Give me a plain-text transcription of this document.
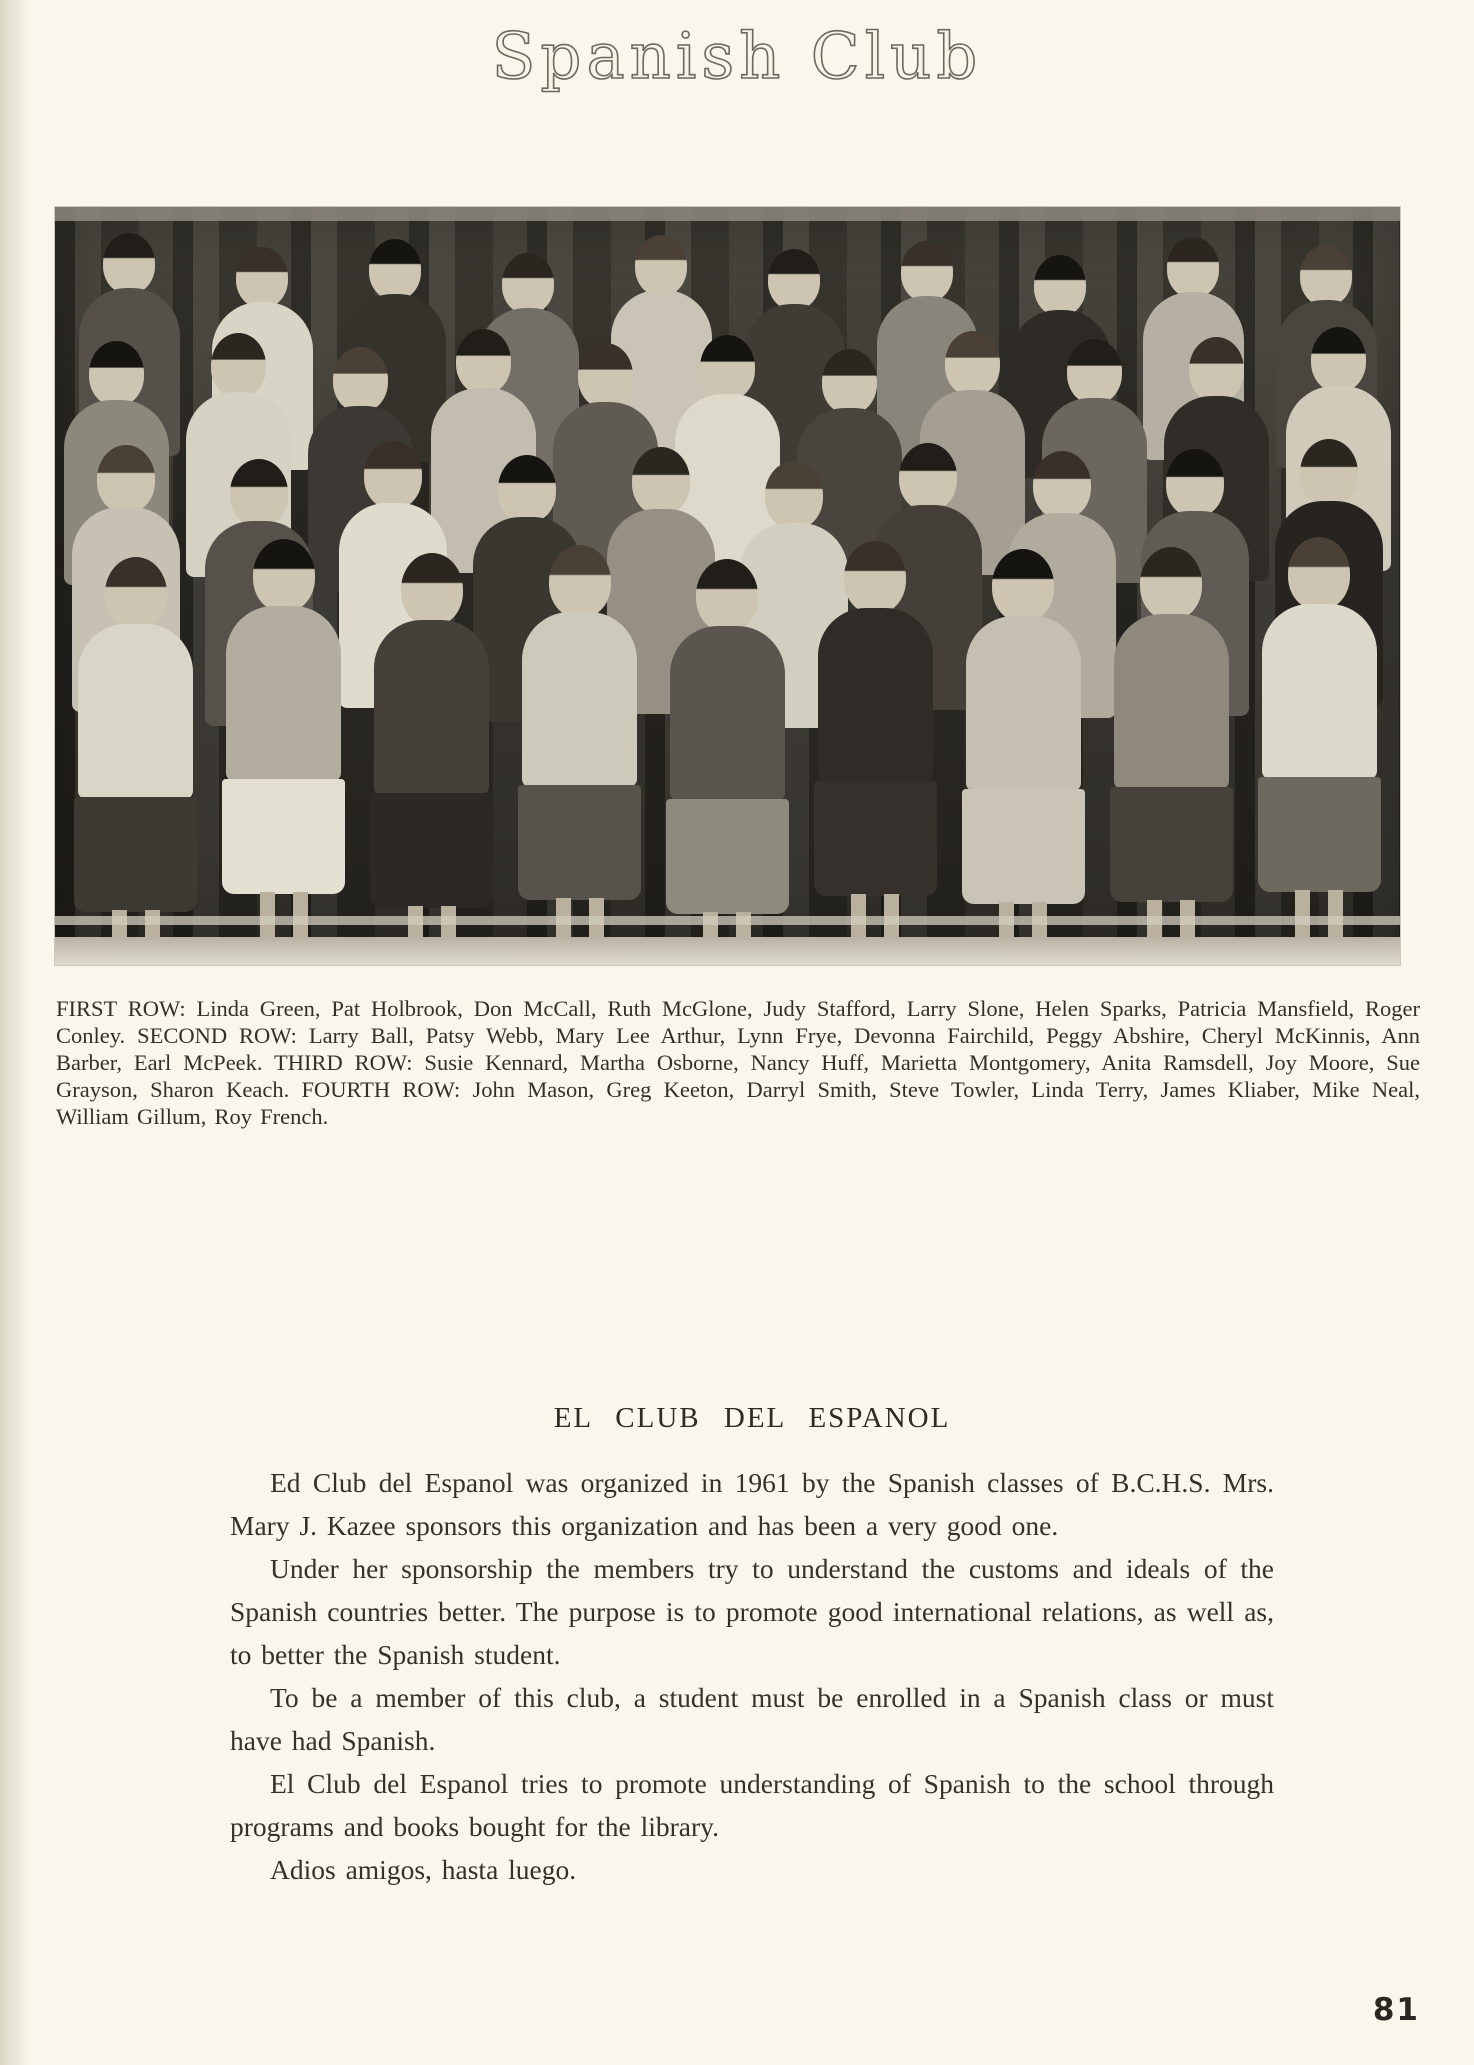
Spanish Club
FIRST ROW: Linda Green, Pat Holbrook, Don McCall, Ruth McGlone, Judy Stafford, Larry Slone, Helen Sparks, Patricia Mansfield, Roger Conley. SECOND ROW: Larry Ball, Patsy Webb, Mary Lee Arthur, Lynn Frye, Devonna Fairchild, Peggy Abshire, Cheryl McKinnis, Ann Barber, Earl McPeek. THIRD ROW: Susie Kennard, Martha Osborne, Nancy Huff, Marietta Montgomery, Anita Ramsdell, Joy Moore, Sue Grayson, Sharon Keach. FOURTH ROW: John Mason, Greg Keeton, Darryl Smith, Steve Towler, Linda Terry, James Kliaber, Mike Neal, William Gillum, Roy French.
EL CLUB DEL ESPANOL

Ed Club del Espanol was organized in 1961 by the Spanish classes of B.C.H.S. Mrs. Mary J. Kazee sponsors this organization and has been a very good one.

Under her sponsorship the members try to understand the customs and ideals of the Spanish countries better. The purpose is to promote good international relations, as well as, to better the Spanish student.

To be a member of this club, a student must be enrolled in a Spanish class or must have had Spanish.

El Club del Espanol tries to promote understanding of Spanish to the school through programs and books bought for the library.

Adios amigos, hasta luego.

81
